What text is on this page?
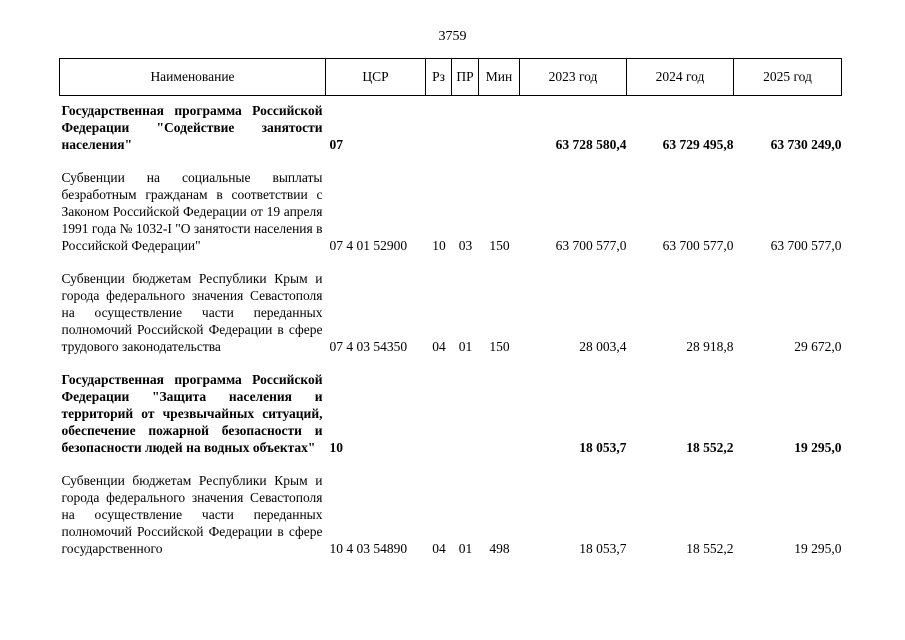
3759
Наименование	ЦСР	Рз	ПР	Мин	2023 год	2024 год	2025 год
Государственная программа Российской Федерации "Содействие занятости населения"	07				63 728 580,4	63 729 495,8	63 730 249,0
Субвенции на социальные выплаты безработным гражданам в соответствии с Законом Российской Федерации от 19 апреля 1991 года № 1032-I "О занятости населения в Российской Федерации"	07 4 01 52900	10	03	150	63 700 577,0	63 700 577,0	63 700 577,0
Субвенции бюджетам Республики Крым и города федерального значения Севастополя на осуществление части переданных полномочий Российской Федерации в сфере трудового законодательства	07 4 03 54350	04	01	150	28 003,4	28 918,8	29 672,0
Государственная программа Российской Федерации "Защита населения и территорий от чрезвычайных ситуаций, обеспечение пожарной безопасности и безопасности людей на водных объектах"	10				18 053,7	18 552,2	19 295,0
Субвенции бюджетам Республики Крым и города федерального значения Севастополя на осуществление части переданных полномочий Российской Федерации в сфере государственного	10 4 03 54890	04	01	498	18 053,7	18 552,2	19 295,0
